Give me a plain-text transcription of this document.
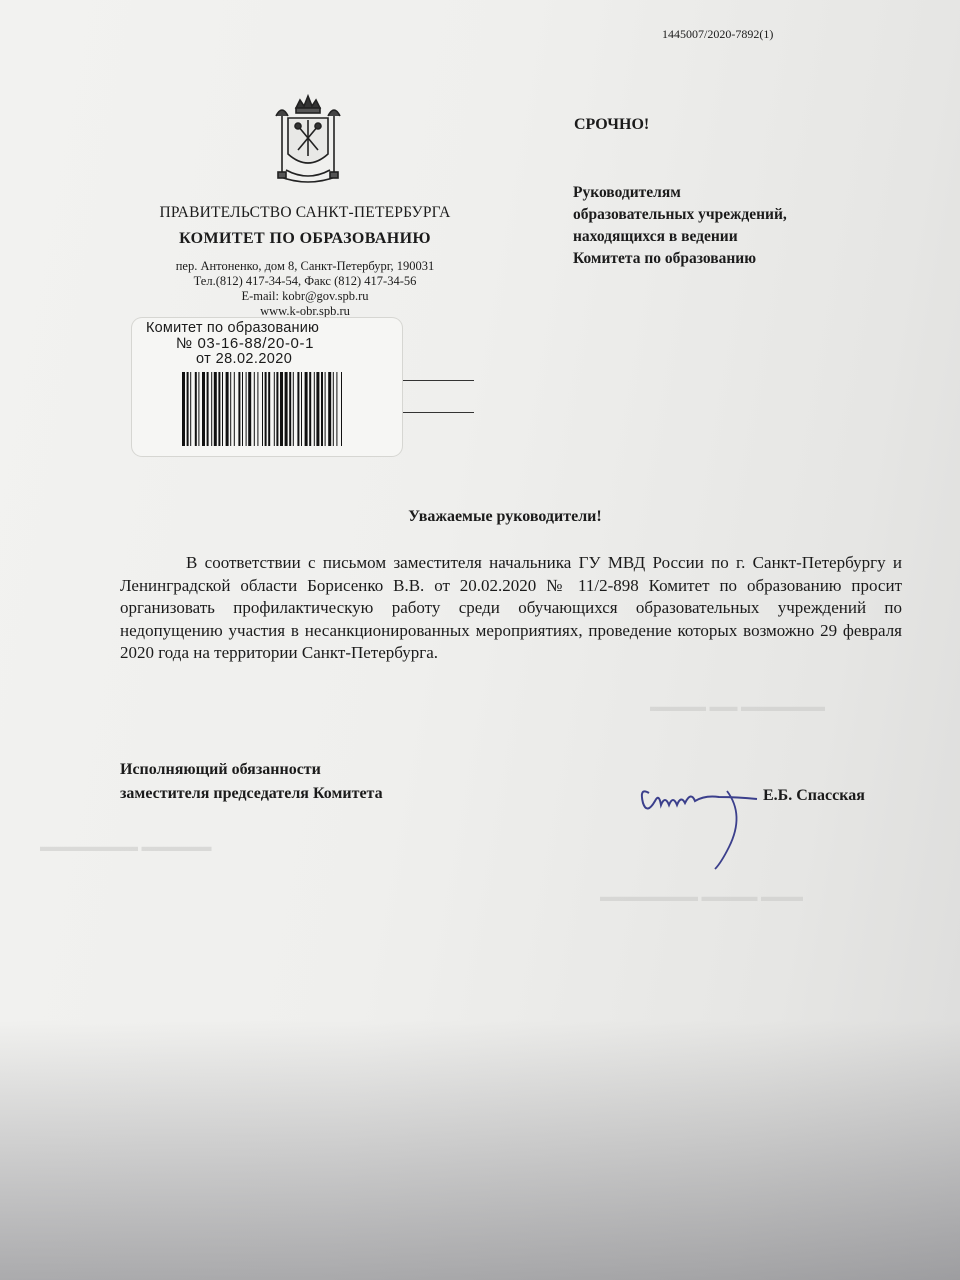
▬▬▬▬ ▬▬ ▬▬▬▬▬▬
▬▬▬▬▬▬▬ ▬▬▬▬▬
▬▬▬▬▬▬▬ ▬▬▬▬ ▬▬▬
1445007/2020-7892(1)
ПРАВИТЕЛЬСТВО САНКТ-ПЕТЕРБУРГА
КОМИТЕТ ПО ОБРАЗОВАНИЮ
пер. Антоненко, дом 8, Санкт-Петербург, 190031
Тел.(812) 417-34-54, Факс (812) 417-34-56
E-mail: kobr@gov.spb.ru
www.k-obr.spb.ru
Комитет по образованию
№ 03-16-88/20-0-1
от 28.02.2020
СРОЧНО!
Руководителям
образовательных учреждений,
находящихся в ведении
Комитета по образованию
Уважаемые руководители!
В соответствии с письмом заместителя начальника ГУ МВД России по г. Санкт-Петербургу и Ленинградской области Борисенко В.В. от 20.02.2020 № 11/2-898 Комитет по образованию просит организовать профилактическую работу среди обучающихся образовательных учреждений по недопущению участия в несанкционированных мероприятиях, проведение которых возможно 29 февраля 2020 года на территории Санкт-Петербурга.
Исполняющий обязанности
заместителя председателя Комитета	Е.Б. Спасская
